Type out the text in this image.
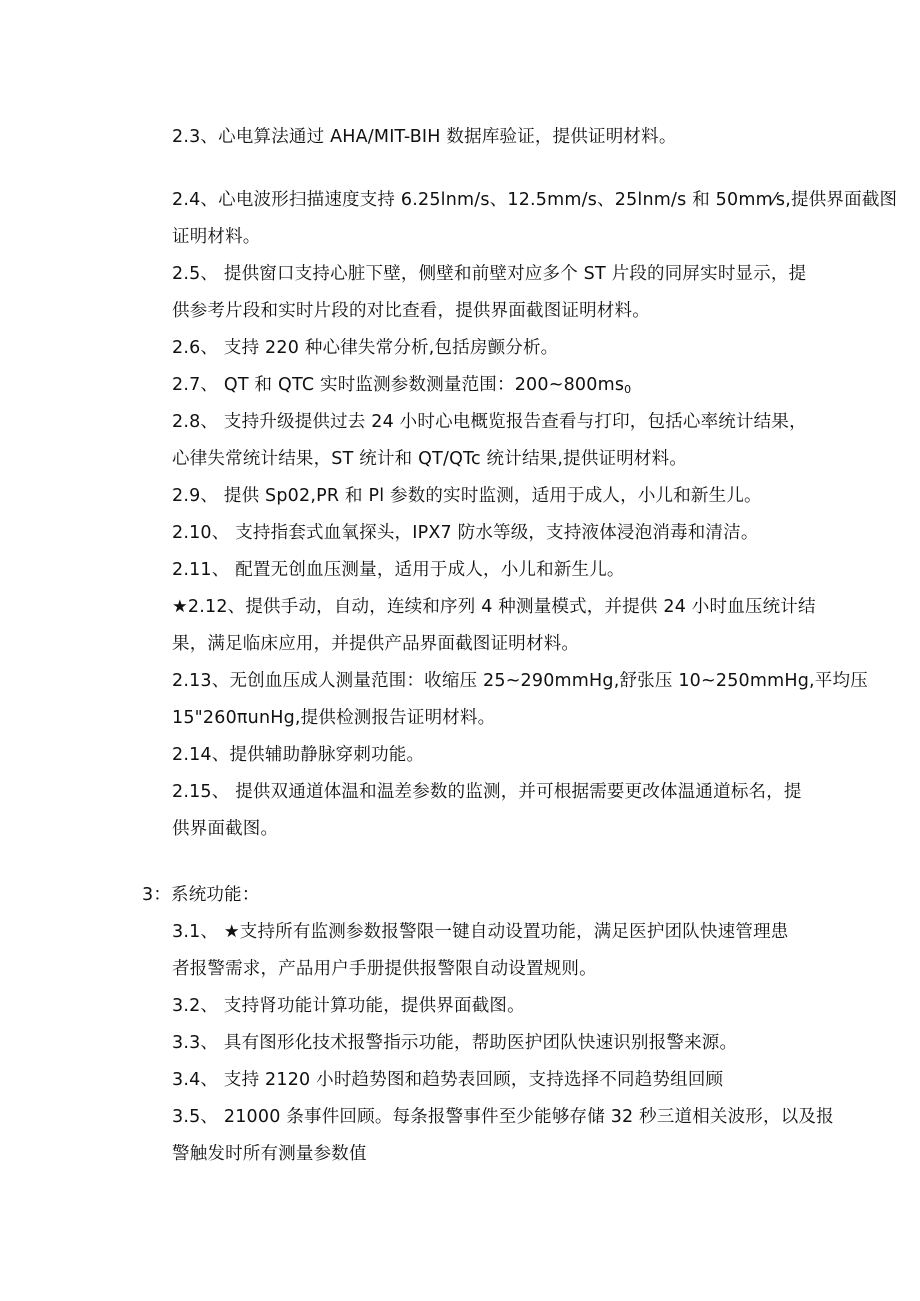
2.3、心电算法通过 AHA/MIT-BIH 数据库验证，提供证明材料。
2.4、心电波形扫描速度支持 6.25lnm/s、12.5mm/s、25lnm/s 和 50mm⁄s,提供界面截图
证明材料。
2.5、 提供窗口支持心脏下壁，侧壁和前壁对应多个 ST 片段的同屏实时显示，提
供参考片段和实时片段的对比查看，提供界面截图证明材料。
2.6、 支持 220 种心律失常分析,包括房颤分析。
2.7、 QT 和 QTC 实时监测参数测量范围：$200\sim 800ms_0$
2.8、 支持升级提供过去 24 小时心电概览报告查看与打印，包括心率统计结果，
心律失常统计结果，ST 统计和 QT/QTc 统计结果,提供证明材料。
2.9、 提供 Sp02,PR 和 Pl 参数的实时监测，适用于成人，小儿和新生儿。
2.10、 支持指套式血氧探头，IPX7 防水等级，支持液体浸泡消毒和清洁。
2.11、 配置无创血压测量，适用于成人，小儿和新生儿。
★2.12、提供手动，自动，连续和序列 4 种测量模式，并提供 24 小时血压统计结
果，满足临床应用，并提供产品界面截图证明材料。
2.13、无创血压成人测量范围：收缩压 25~290mmHg,舒张压 10~250mmHg,平均压
15"260πunHg,提供检测报告证明材料。
2.14、提供辅助静脉穿刺功能。
2.15、 提供双通道体温和温差参数的监测，并可根据需要更改体温通道标名，提
供界面截图。
3：系统功能：
3.1、 ★支持所有监测参数报警限一键自动设置功能，满足医护团队快速管理患
者报警需求，产品用户手册提供报警限自动设置规则。
3.2、 支持肾功能计算功能，提供界面截图。
3.3、 具有图形化技术报警指示功能，帮助医护团队快速识别报警来源。
3.4、 支持 2120 小时趋势图和趋势表回顾，支持选择不同趋势组回顾
3.5、 21000 条事件回顾。每条报警事件至少能够存储 32 秒三道相关波形，以及报
警触发时所有测量参数值
